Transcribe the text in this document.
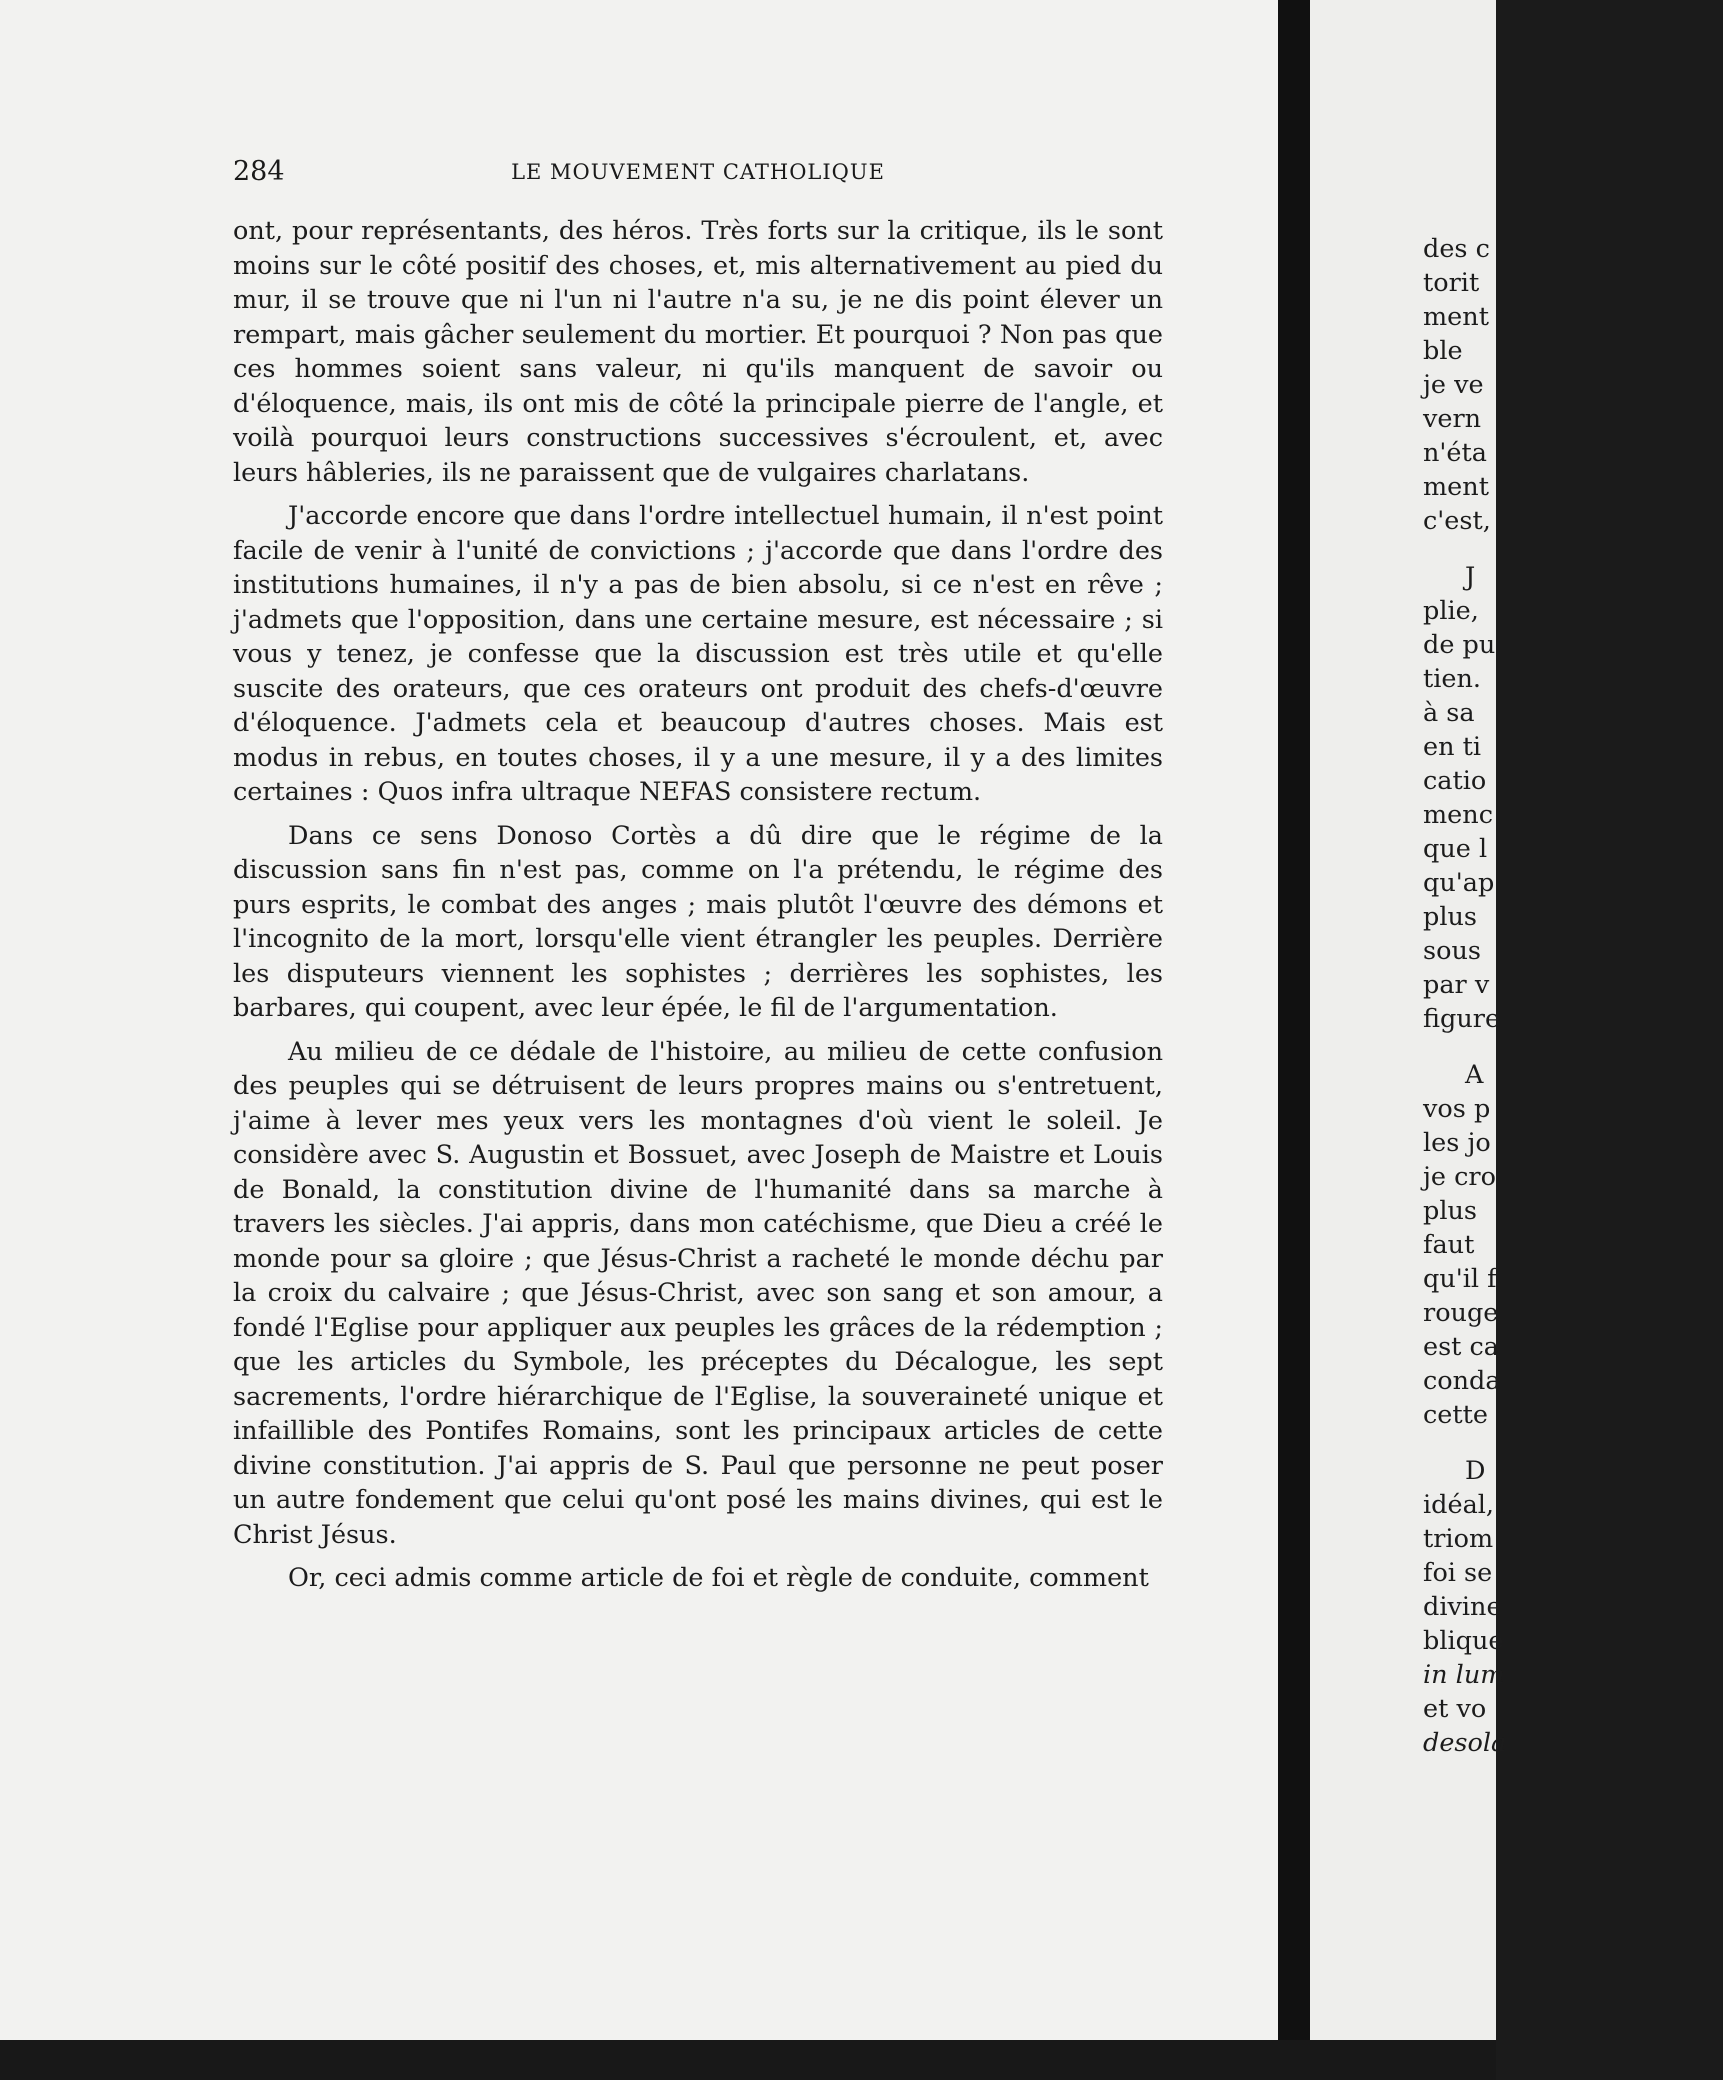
284	LE MOUVEMENT CATHOLIQUE

ont, pour représentants, des héros. Très forts sur la critique, ils le sont moins sur le côté positif des choses, et, mis alternativement au pied du mur, il se trouve que ni l'un ni l'autre n'a su, je ne dis point élever un rempart, mais gâcher seulement du mortier. Et pourquoi ? Non pas que ces hommes soient sans valeur, ni qu'ils manquent de savoir ou d'éloquence, mais, ils ont mis de côté la principale pierre de l'angle, et voilà pourquoi leurs constructions successives s'écroulent, et, avec leurs hâbleries, ils ne paraissent que de vulgaires charlatans.

J'accorde encore que dans l'ordre intellectuel humain, il n'est point facile de venir à l'unité de convictions ; j'accorde que dans l'ordre des institutions humaines, il n'y a pas de bien absolu, si ce n'est en rêve ; j'admets que l'opposition, dans une certaine mesure, est nécessaire ; si vous y tenez, je confesse que la discussion est très utile et qu'elle suscite des orateurs, que ces orateurs ont produit des chefs-d'œuvre d'éloquence. J'admets cela et beaucoup d'autres choses. Mais est modus in rebus, en toutes choses, il y a une mesure, il y a des limites certaines : Quos infra ultraque NEFAS consistere rectum.

Dans ce sens Donoso Cortès a dû dire que le régime de la discussion sans fin n'est pas, comme on l'a prétendu, le régime des purs esprits, le combat des anges ; mais plutôt l'œuvre des démons et l'incognito de la mort, lorsqu'elle vient étrangler les peuples. Derrière les disputeurs viennent les sophistes ; derrières les sophistes, les barbares, qui coupent, avec leur épée, le fil de l'argumentation.

Au milieu de ce dédale de l'histoire, au milieu de cette confusion des peuples qui se détruisent de leurs propres mains ou s'entretuent, j'aime à lever mes yeux vers les montagnes d'où vient le soleil. Je considère avec S. Augustin et Bossuet, avec Joseph de Maistre et Louis de Bonald, la constitution divine de l'humanité dans sa marche à travers les siècles. J'ai appris, dans mon catéchisme, que Dieu a créé le monde pour sa gloire ; que Jésus-Christ a racheté le monde déchu par la croix du calvaire ; que Jésus-Christ, avec son sang et son amour, a fondé l'Eglise pour appliquer aux peuples les grâces de la rédemption ; que les articles du Symbole, les préceptes du Décalogue, les sept sacrements, l'ordre hiérarchique de l'Eglise, la souveraineté unique et infaillible des Pontifes Romains, sont les principaux articles de cette divine constitution. J'ai appris de S. Paul que personne ne peut poser un autre fondement que celui qu'ont posé les mains divines, qui est le Christ Jésus.

Or, ceci admis comme article de foi et règle de conduite, comment

des c
torit
ment
ble
je ve
vern
n'éta
ment
c'est,
J
plie,
de pu
tien.
à sa
en ti
catio
menc
que l
qu'ap
plus
sous
par v
figure
A
vos p
les jo
je cro
plus
faut
qu'il f
rouge
est ca
conda
cette
D
idéal,
triom
foi se
divine
blique
in lum
et vo
desola
